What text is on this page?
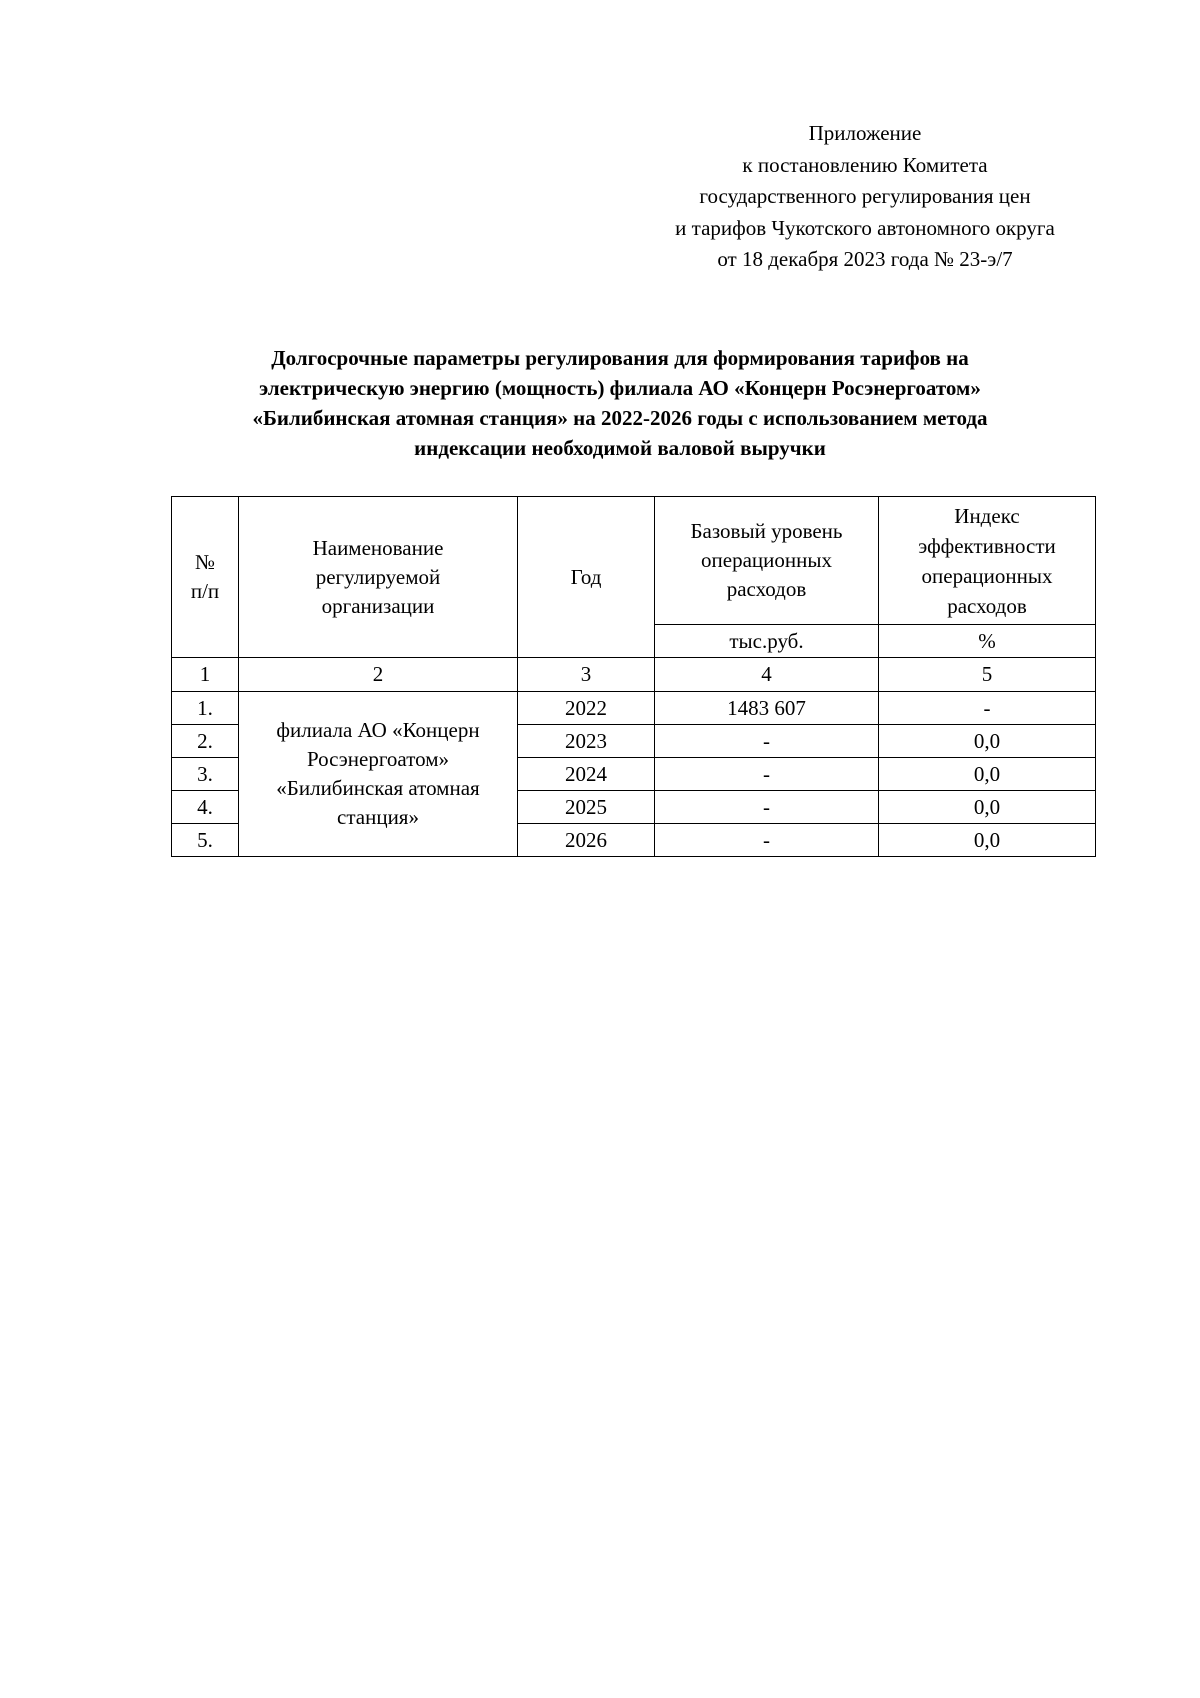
Приложение
к постановлению Комитета
государственного регулирования цен
и тарифов Чукотского автономного округа
от 18 декабря 2023 года № 23-э/7
Долгосрочные параметры регулирования для формирования тарифов на
электрическую энергию (мощность) филиала АО «Концерн Росэнергоатом»
«Билибинская атомная станция» на 2022-2026 годы с использованием метода
индексации необходимой валовой выручки
№
п/п	Наименование
регулируемой
организации	Год	Базовый уровень
операционных
расходов	Индекс
эффективности
операционных
расходов

			тыс.руб.	%
1	2	3	4	5
1.	филиала АО «Концерн
Росэнергоатом»
«Билибинская атомная
станция»	2022	1483 607	-
2.		2023	-	0,0
3.		2024	-	0,0
4.		2025	-	0,0
5.		2026	-	0,0
